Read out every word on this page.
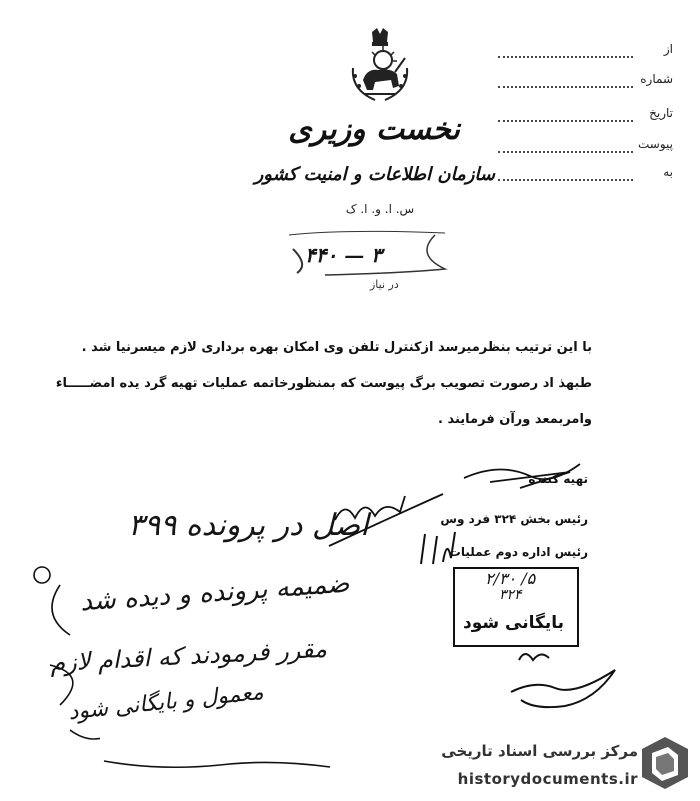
نخست وزیری
سازمان اطلاعات و امنیت کشور
س. ا. و. ا. ک
۳ — ۴۴۰
در نیاز
از
شماره
تاریخ
پیوست
به
با این ترتیب بنظرمیرسد ازکنترل تلفن وی امکان بهره برداری لازم میسرنیا شد .
طبهذ اد رصورت تصویب برگ پیوست که بمنظورخاتمه عملیات تهیه گرد یده امضـــــاء
وامربمعد ورآن فرمایند .
تهیه کننده
رئیس بخش ۳۲۴ فرد وس
رئیس اداره دوم عملیات
۵/ ۲/۳۰
۳۲۴
بایگانی شود
اصل در پرونده ۳۹۹
ضمیمه پرونده و دیده شد
مقرر فرمودند که اقدام لازم
معمول و بایگانی شود
مرکز بررسی اسناد تاریخی
historydocuments.ir
